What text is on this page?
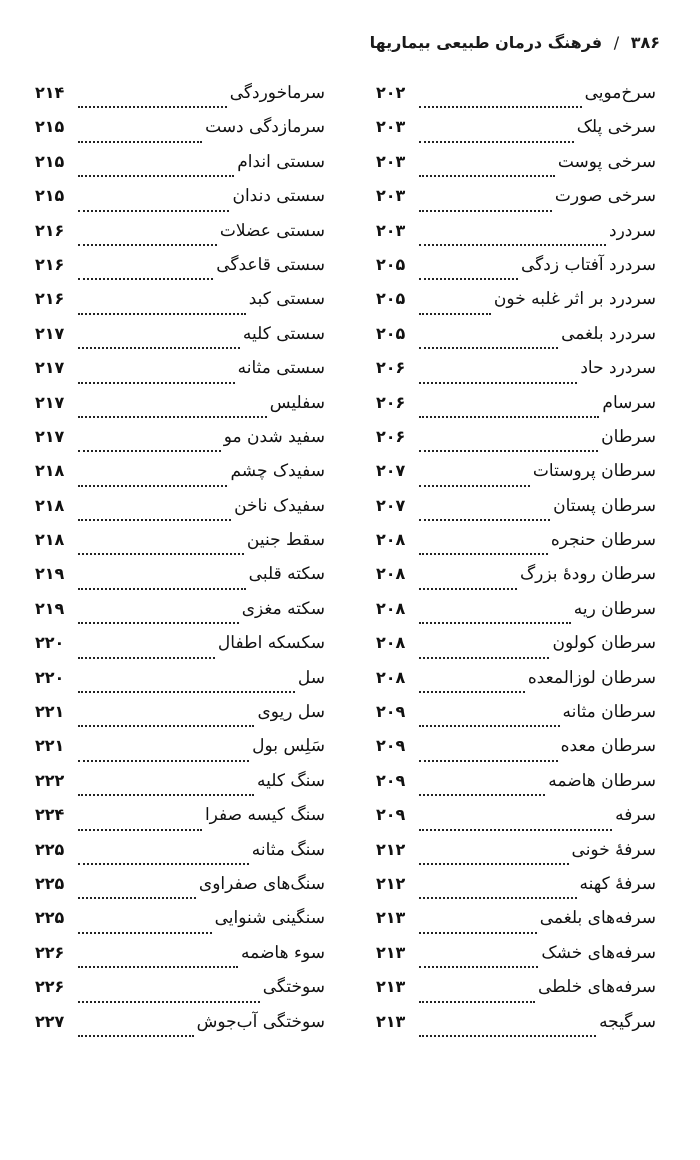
۳۸۶ / فرهنگ درمان طبیعی بیماریها
سرخ‌مویی
۲۰۲
سرخی پلک
۲۰۳
سرخی پوست
۲۰۳
سرخی صورت
۲۰۳
سردرد
۲۰۳
سردرد آفتاب زدگی
۲۰۵
سردرد بر اثر غلبه خون
۲۰۵
سردرد بلغمی
۲۰۵
سردرد حاد
۲۰۶
سرسام
۲۰۶
سرطان
۲۰۶
سرطان پروستات
۲۰۷
سرطان پستان
۲۰۷
سرطان حنجره
۲۰۸
سرطان رودهٔ بزرگ
۲۰۸
سرطان ریه
۲۰۸
سرطان کولون
۲۰۸
سرطان لوزالمعده
۲۰۸
سرطان مثانه
۲۰۹
سرطان معده
۲۰۹
سرطان هاضمه
۲۰۹
سرفه
۲۰۹
سرفهٔ خونی
۲۱۲
سرفهٔ کهنه
۲۱۲
سرفه‌های بلغمی
۲۱۳
سرفه‌های خشک
۲۱۳
سرفه‌های خلطی
۲۱۳
سرگیجه
۲۱۳
سرماخوردگی
۲۱۴
سرمازدگی دست
۲۱۵
سستی اندام
۲۱۵
سستی دندان
۲۱۵
سستی عضلات
۲۱۶
سستی قاعدگی
۲۱۶
سستی کبد
۲۱۶
سستی کلیه
۲۱۷
سستی مثانه
۲۱۷
سفلیس
۲۱۷
سفید شدن مو
۲۱۷
سفیدک چشم
۲۱۸
سفیدک ناخن
۲۱۸
سقط جنین
۲۱۸
سکته قلبی
۲۱۹
سکته مغزی
۲۱۹
سکسکه اطفال
۲۲۰
سل
۲۲۰
سل ریوی
۲۲۱
سَلِس بول
۲۲۱
سنگ کلیه
۲۲۲
سنگ کیسه صفرا
۲۲۴
سنگ مثانه
۲۲۵
سنگ‌های صفراوی
۲۲۵
سنگینی شنوایی
۲۲۵
سوء هاضمه
۲۲۶
سوختگی
۲۲۶
سوختگی آب‌جوش
۲۲۷
